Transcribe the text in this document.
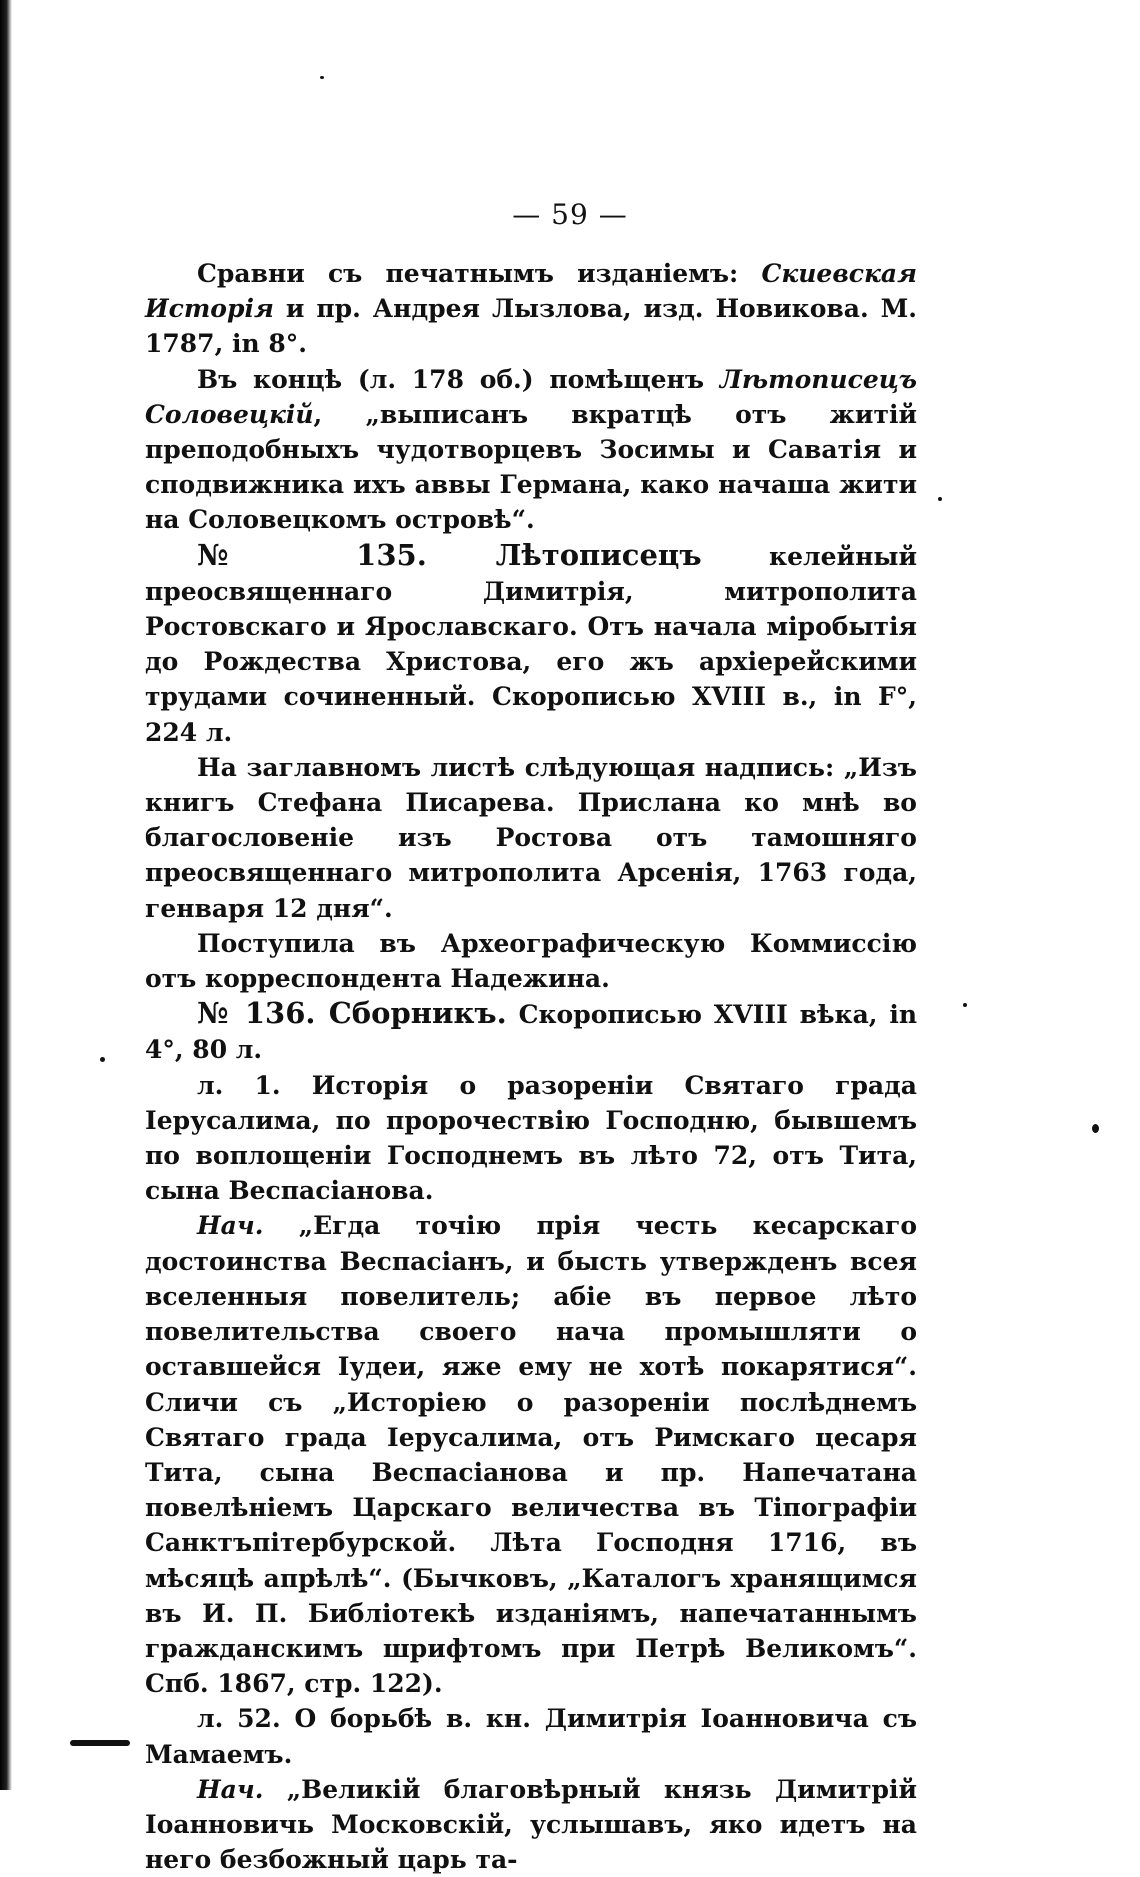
— 59 —

Сравни съ печатнымъ изданіемъ: Скиевская Исторія и пр. Андрея Лызлова, изд. Новикова. М. 1787, in 8°.

Въ концѣ (л. 178 об.) помѣщенъ Лѣтописецъ Соловецкій, „выписанъ вкратцѣ отъ житій преподобныхъ чудотворцевъ Зосимы и Саватія и сподвижника ихъ аввы Германа, како начаша жити на Соловецкомъ островѣ“.

№ 135. Лѣтописецъ келейный преосвященнаго Димитрія, митрополита Ростовскаго и Ярославскаго. Отъ начала міробытія до Рождества Христова, его жъ архіерейскими трудами сочиненный. Скорописью XVIII в., in F°, 224 л.

На заглавномъ листѣ слѣдующая надпись: „Изъ книгъ Стефана Писарева. Прислана ко мнѣ во благословеніе изъ Ростова отъ тамошняго преосвященнаго митрополита Арсенія, 1763 года, генваря 12 дня“.

Поступила въ Археографическую Коммиссію отъ корреспондента Надежина.

№ 136. Сборникъ. Скорописью XVIII вѣка, in 4°, 80 л.

л. 1. Исторія о разореніи Святаго града Іерусалима, по пророчествію Господню, бывшемъ по воплощеніи Господнемъ въ лѣто 72, отъ Тита, сына Веспасіанова.

Нач. „Егда точію прія честь кесарскаго достоинства Веспасіанъ, и бысть утвержденъ всея вселенныя повелитель; абіе въ первое лѣто повелительства своего нача промышляти о оставшейся Іудеи, яже ему не хотѣ покарятися“. Сличи съ „Исторіею о разореніи послѣднемъ Святаго града Іерусалима, отъ Римскаго цесаря Тита, сына Веспасіанова и пр. Напечатана повелѣніемъ Царскаго величества въ Тіпографіи Санктъпітербурской. Лѣта Господня 1716, въ мѣсяцѣ апрѣлѣ“. (Бычковъ, „Каталогъ хранящимся въ И. П. Библіотекѣ изданіямъ, напечатаннымъ гражданскимъ шрифтомъ при Петрѣ Великомъ“. Спб. 1867, стр. 122).

л. 52. О борьбѣ в. кн. Димитрія Іоанновича съ Мамаемъ.

Нач. „Великій благовѣрный князь Димитрій Іоанновичь Московскій, услышавъ, яко идетъ на него безбожный царь та-
